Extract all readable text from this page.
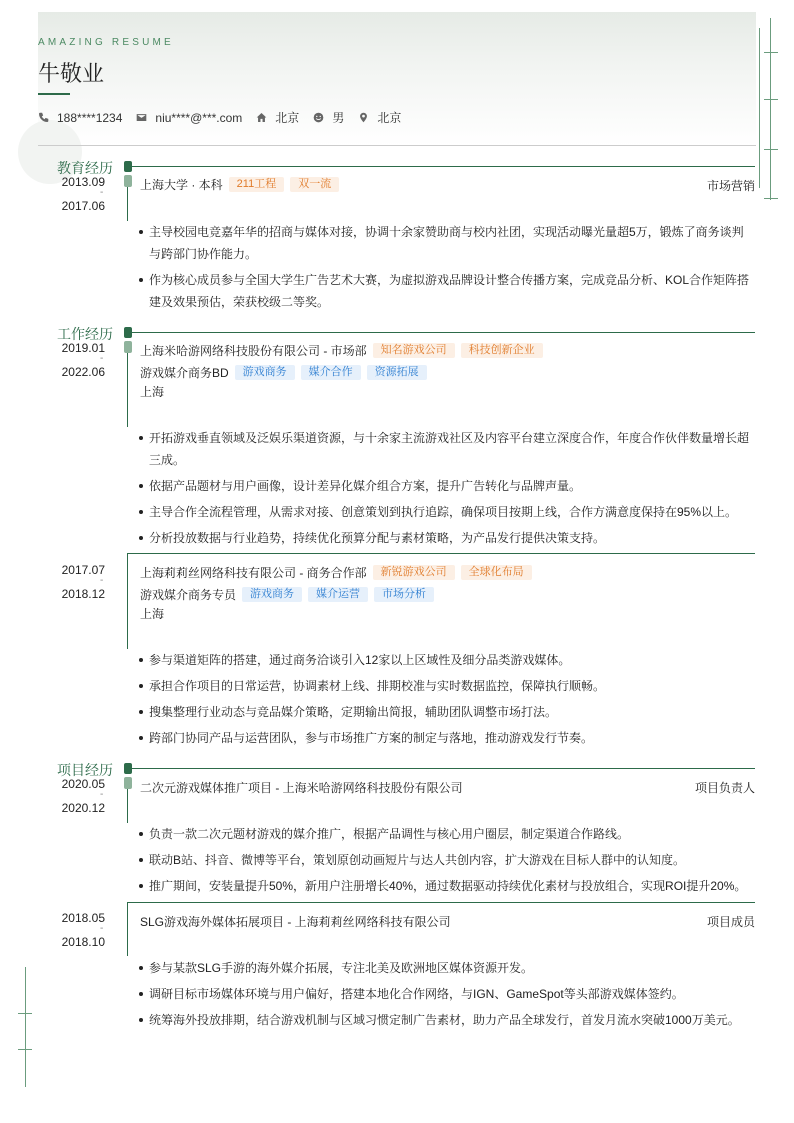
AMAZING RESUME
牛敬业
188****1234	niu****@***.com	北京	男	北京
教育经历
2013.09
-
2017.06
上海大学 · 本科	211工程	双一流	市场营销
主导校园电竞嘉年华的招商与媒体对接，协调十余家赞助商与校内社团，实现活动曝光量超5万，锻炼了商务谈判与跨部门协作能力。
作为核心成员参与全国大学生广告艺术大赛，为虚拟游戏品牌设计整合传播方案，完成竞品分析、KOL合作矩阵搭建及效果预估，荣获校级二等奖。
工作经历
2019.01
-
2022.06
上海米哈游网络科技股份有限公司 - 市场部	知名游戏公司	科技创新企业
游戏媒介商务BD	游戏商务	媒介合作	资源拓展
上海
开拓游戏垂直领域及泛娱乐渠道资源，与十余家主流游戏社区及内容平台建立深度合作，年度合作伙伴数量增长超三成。
依据产品题材与用户画像，设计差异化媒介组合方案，提升广告转化与品牌声量。
主导合作全流程管理，从需求对接、创意策划到执行追踪，确保项目按期上线，合作方满意度保持在95%以上。
分析投放数据与行业趋势，持续优化预算分配与素材策略，为产品发行提供决策支持。
2017.07
-
2018.12
上海莉莉丝网络科技有限公司 - 商务合作部	新锐游戏公司	全球化布局
游戏媒介商务专员	游戏商务	媒介运营	市场分析
上海
参与渠道矩阵的搭建，通过商务洽谈引入12家以上区域性及细分品类游戏媒体。
承担合作项目的日常运营，协调素材上线、排期校准与实时数据监控，保障执行顺畅。
搜集整理行业动态与竞品媒介策略，定期输出简报，辅助团队调整市场打法。
跨部门协同产品与运营团队，参与市场推广方案的制定与落地，推动游戏发行节奏。
项目经历
2020.05
-
2020.12
二次元游戏媒体推广项目 - 上海米哈游网络科技股份有限公司	项目负责人
负责一款二次元题材游戏的媒介推广，根据产品调性与核心用户圈层，制定渠道合作路线。
联动B站、抖音、微博等平台，策划原创动画短片与达人共创内容，扩大游戏在目标人群中的认知度。
推广期间，安装量提升50%，新用户注册增长40%，通过数据驱动持续优化素材与投放组合，实现ROI提升20%。
2018.05
-
2018.10
SLG游戏海外媒体拓展项目 - 上海莉莉丝网络科技有限公司	项目成员
参与某款SLG手游的海外媒介拓展，专注北美及欧洲地区媒体资源开发。
调研目标市场媒体环境与用户偏好，搭建本地化合作网络，与IGN、GameSpot等头部游戏媒体签约。
统筹海外投放排期，结合游戏机制与区域习惯定制广告素材，助力产品全球发行，首发月流水突破1000万美元。
